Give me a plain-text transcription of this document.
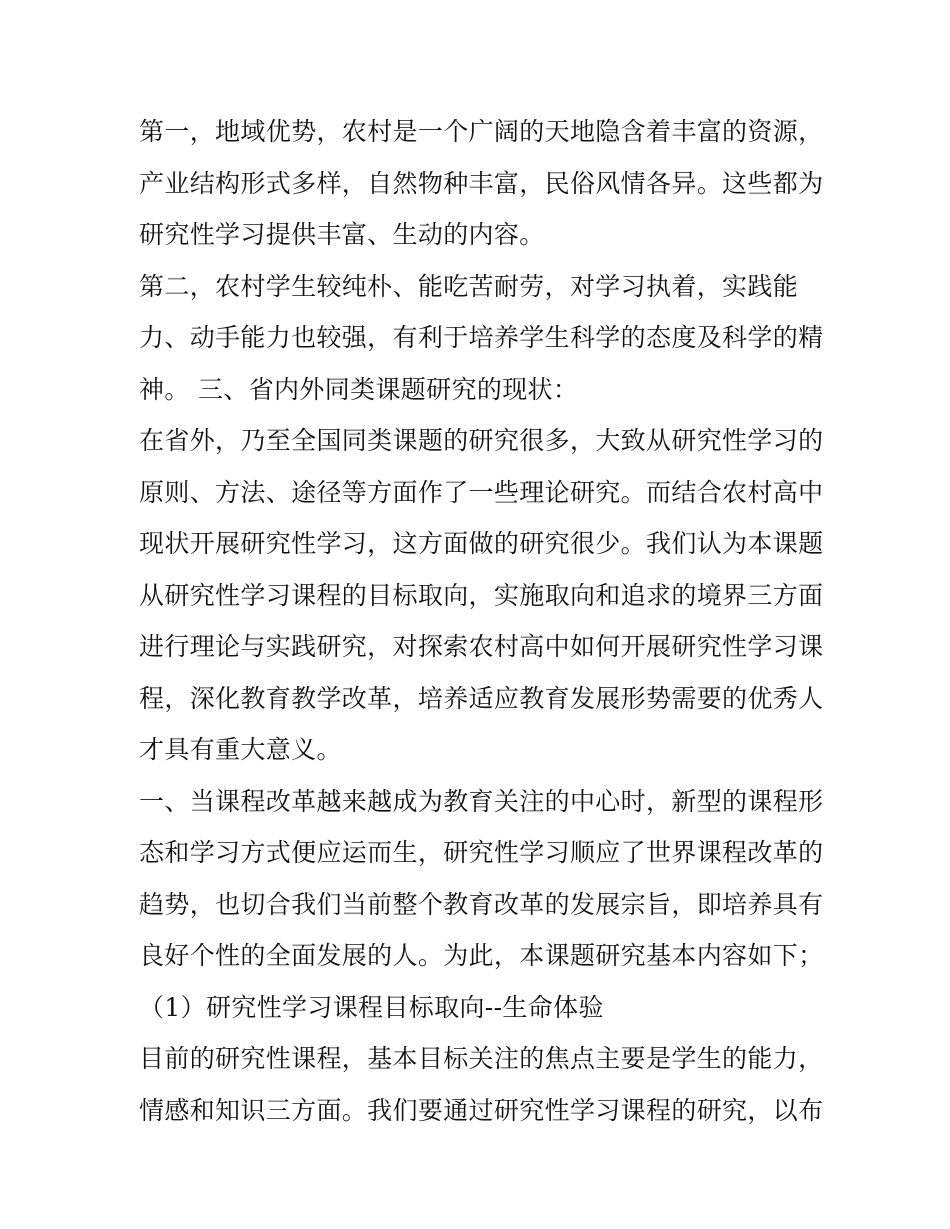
第一，地域优势，农村是一个广阔的天地隐含着丰富的资源，
产业结构形式多样，自然物种丰富，民俗风情各异。这些都为
研究性学习提供丰富、生动的内容。
第二，农村学生较纯朴、能吃苦耐劳，对学习执着，实践能
力、动手能力也较强，有利于培养学生科学的态度及科学的精
神。 三、省内外同类课题研究的现状：
在省外，乃至全国同类课题的研究很多，大致从研究性学习的
原则、方法、途径等方面作了一些理论研究。而结合农村高中
现状开展研究性学习，这方面做的研究很少。我们认为本课题
从研究性学习课程的目标取向，实施取向和追求的境界三方面
进行理论与实践研究，对探索农村高中如何开展研究性学习课
程，深化教育教学改革，培养适应教育发展形势需要的优秀人
才具有重大意义。
一、当课程改革越来越成为教育关注的中心时，新型的课程形
态和学习方式便应运而生，研究性学习顺应了世界课程改革的
趋势，也切合我们当前整个教育改革的发展宗旨，即培养具有
良好个性的全面发展的人。为此，本课题研究基本内容如下；
（1）研究性学习课程目标取向--生命体验
目前的研究性课程，基本目标关注的焦点主要是学生的能力，
情感和知识三方面。我们要通过研究性学习课程的研究，以布
